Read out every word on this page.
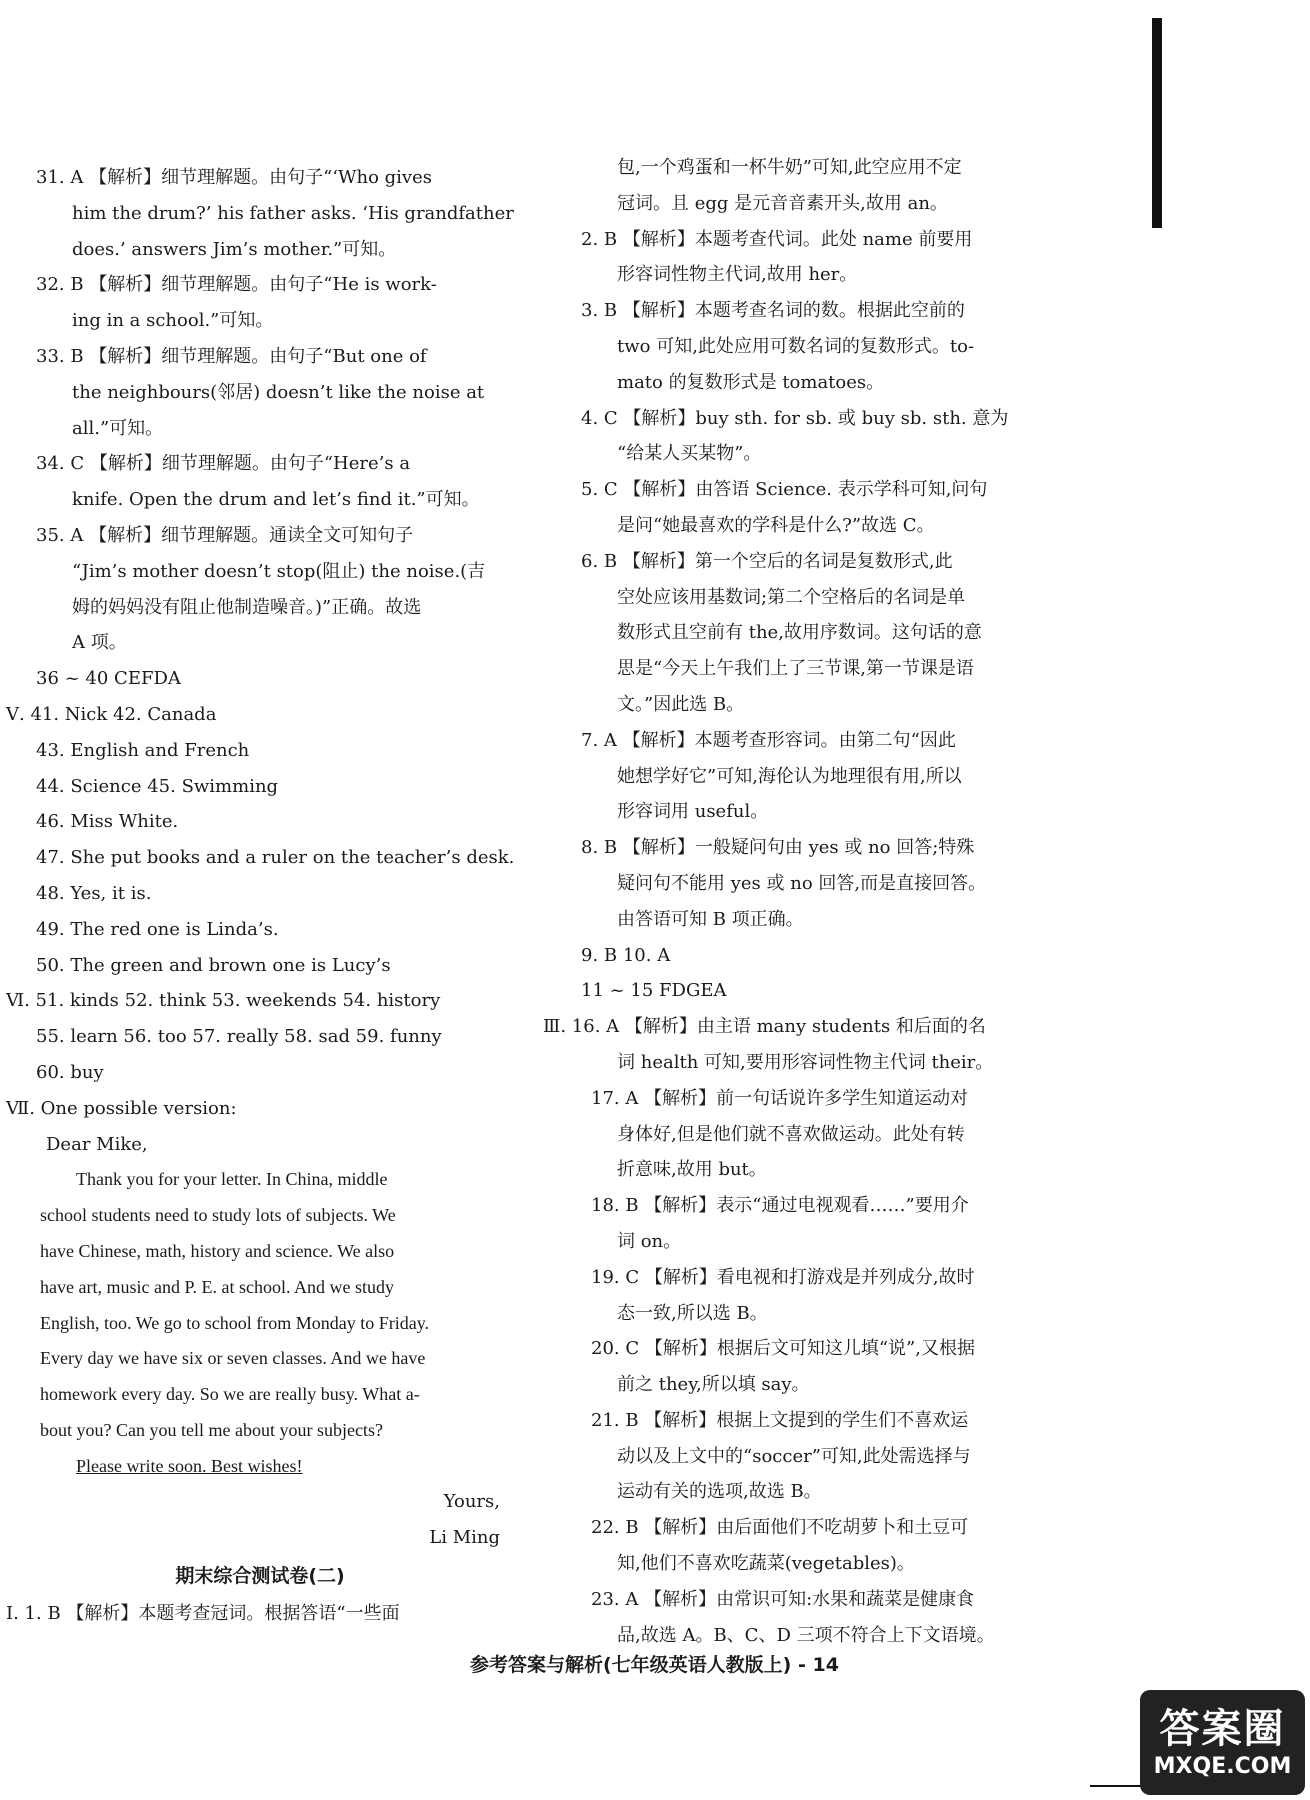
31. A 【解析】细节理解题。由句子“‘Who gives
him the drum?’ his father asks. ‘His grandfather
does.’ answers Jim’s mother.”可知。
32. B 【解析】细节理解题。由句子“He is work-
ing in a school.”可知。
33. B 【解析】细节理解题。由句子“But one of
the neighbours(邻居) doesn’t like the noise at
all.”可知。
34. C 【解析】细节理解题。由句子“Here’s a
knife. Open the drum and let’s find it.”可知。
35. A 【解析】细节理解题。通读全文可知句子
“Jim’s mother doesn’t stop(阻止) the noise.(吉
姆的妈妈没有阻止他制造噪音。)”正确。故选
A 项。
36 ~ 40 CEFDA
Ⅴ. 41. Nick 42. Canada
43. English and French
44. Science 45. Swimming
46. Miss White.
47. She put books and a ruler on the teacher’s desk.
48. Yes, it is.
49. The red one is Linda’s.
50. The green and brown one is Lucy’s
Ⅵ. 51. kinds 52. think 53. weekends 54. history
55. learn 56. too 57. really 58. sad 59. funny
60. buy
Ⅶ. One possible version:
Dear Mike,
Thank you for your letter. In China, middle
school students need to study lots of subjects. We
have Chinese, math, history and science. We also
have art, music and P. E. at school. And we study
English, too. We go to school from Monday to Friday.
Every day we have six or seven classes. And we have
homework every day. So we are really busy. What a-
bout you? Can you tell me about your subjects?
Please write soon. Best wishes!
Yours,
Li Ming
期末综合测试卷(二)
Ⅰ. 1. B 【解析】本题考查冠词。根据答语“一些面
包,一个鸡蛋和一杯牛奶”可知,此空应用不定
冠词。且 egg 是元音音素开头,故用 an。
2. B 【解析】本题考查代词。此处 name 前要用
形容词性物主代词,故用 her。
3. B 【解析】本题考查名词的数。根据此空前的
two 可知,此处应用可数名词的复数形式。to-
mato 的复数形式是 tomatoes。
4. C 【解析】buy sth. for sb. 或 buy sb. sth. 意为
“给某人买某物”。
5. C 【解析】由答语 Science. 表示学科可知,问句
是问“她最喜欢的学科是什么?”故选 C。
6. B 【解析】第一个空后的名词是复数形式,此
空处应该用基数词;第二个空格后的名词是单
数形式且空前有 the,故用序数词。这句话的意
思是“今天上午我们上了三节课,第一节课是语
文。”因此选 B。
7. A 【解析】本题考查形容词。由第二句“因此
她想学好它”可知,海伦认为地理很有用,所以
形容词用 useful。
8. B 【解析】一般疑问句由 yes 或 no 回答;特殊
疑问句不能用 yes 或 no 回答,而是直接回答。
由答语可知 B 项正确。
9. B 10. A
11 ~ 15 FDGEA
Ⅲ. 16. A 【解析】由主语 many students 和后面的名
词 health 可知,要用形容词性物主代词 their。
17. A 【解析】前一句话说许多学生知道运动对
身体好,但是他们就不喜欢做运动。此处有转
折意味,故用 but。
18. B 【解析】表示“通过电视观看……”要用介
词 on。
19. C 【解析】看电视和打游戏是并列成分,故时
态一致,所以选 B。
20. C 【解析】根据后文可知这儿填“说”,又根据
前之 they,所以填 say。
21. B 【解析】根据上文提到的学生们不喜欢运
动以及上文中的“soccer”可知,此处需选择与
运动有关的选项,故选 B。
22. B 【解析】由后面他们不吃胡萝卜和土豆可
知,他们不喜欢吃蔬菜(vegetables)。
23. A 【解析】由常识可知:水果和蔬菜是健康食
品,故选 A。B、C、D 三项不符合上下文语境。
参考答案与解析(七年级英语人教版上) - 14
答案圈
MXQE.COM
